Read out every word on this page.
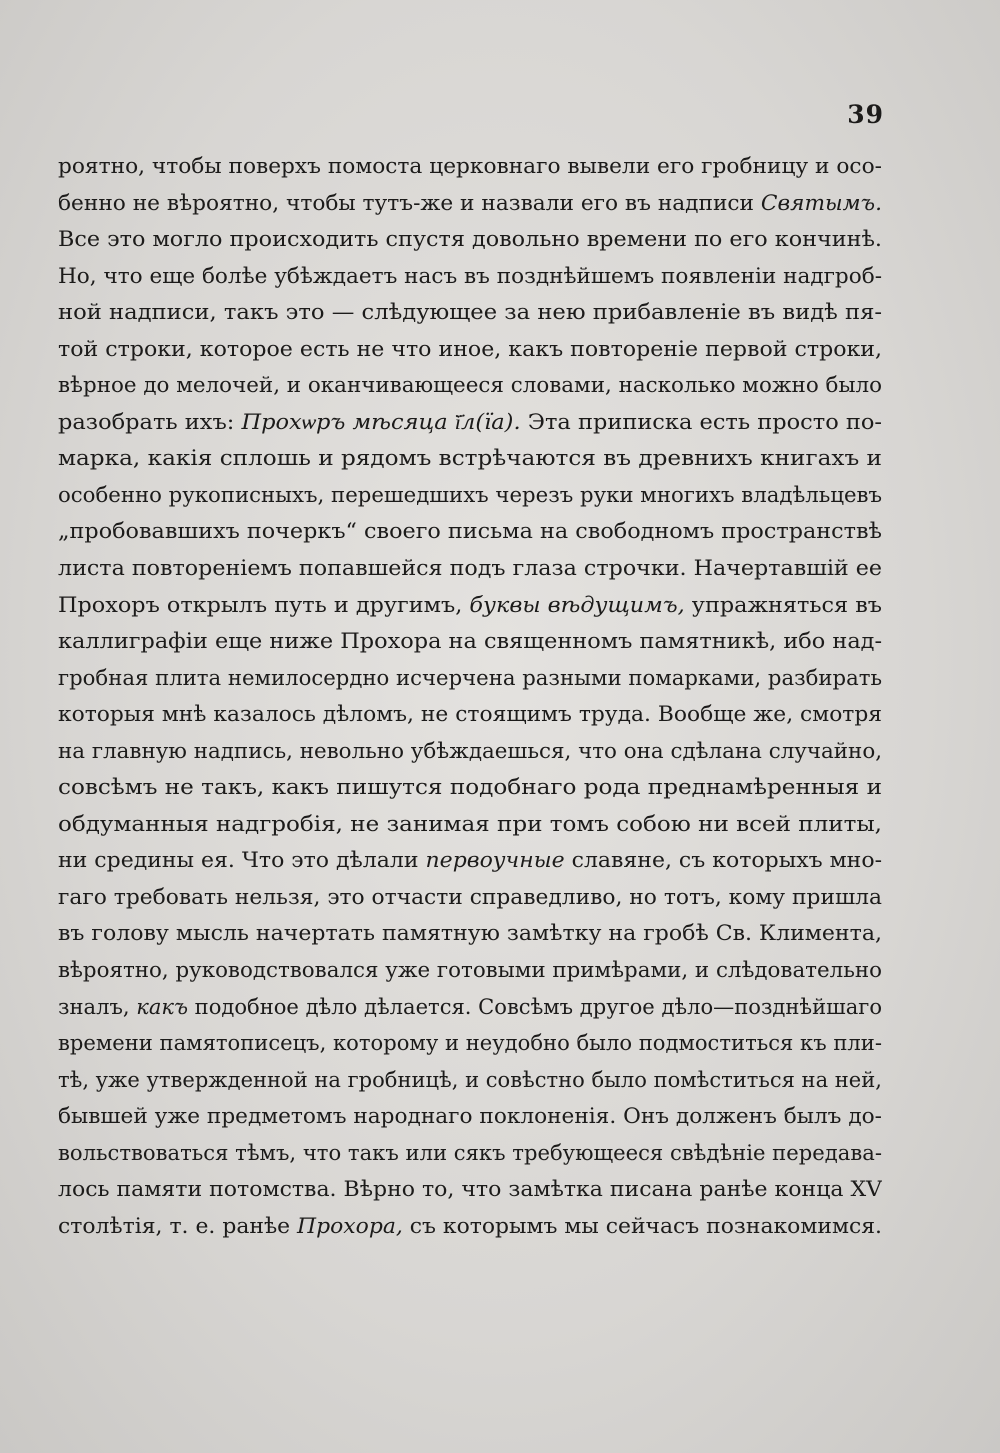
39
роятно, чтобы поверхъ помоста церковнаго вывели его гробницу и осо-
бенно не вѣроятно, чтобы тутъ-же и назвали его въ надписи Святымъ.
Все это могло происходить спустя довольно времени по его кончинѣ.
Но, что еще болѣе убѣждаетъ насъ въ позднѣйшемъ появленіи надгроб-
ной надписи, такъ это — слѣдующее за нею прибавленіе въ видѣ пя-
той строки, которое есть не что иное, какъ повтореніе первой строки,
вѣрное до мелочей, и оканчивающееся словами, насколько можно было
разобрать ихъ: Прохѡръ мѣсяца ї҃л(їа). Эта приписка есть просто по-
марка, какія сплошь и рядомъ встрѣчаются въ древнихъ книгахъ и
особенно рукописныхъ, перешедшихъ черезъ руки многихъ владѣльцевъ
„пробовавшихъ почеркъ“ своего письма на свободномъ пространствѣ
листа повтореніемъ попавшейся подъ глаза строчки. Начертавшій ее
Прохоръ открылъ путь и другимъ, буквы вѣдущимъ, упражняться въ
каллиграфіи еще ниже Прохора на священномъ памятникѣ, ибо над-
гробная плита немилосердно исчерчена разными помарками, разбирать
которыя мнѣ казалось дѣломъ, не стоящимъ труда. Вообще же, смотря
на главную надпись, невольно убѣждаешься, что она сдѣлана случайно,
совсѣмъ не такъ, какъ пишутся подобнаго рода преднамѣренныя и
обдуманныя надгробія, не занимая при томъ собою ни всей плиты,
ни средины ея. Что это дѣлали первоучные славяне, съ которыхъ мно-
гаго требовать нельзя, это отчасти справедливо, но тотъ, кому пришла
въ голову мысль начертать памятную замѣтку на гробѣ Св. Климента,
вѣроятно, руководствовался уже готовыми примѣрами, и слѣдовательно
зналъ, какъ подобное дѣло дѣлается. Совсѣмъ другое дѣло—позднѣйшаго
времени памятописецъ, которому и неудобно было подмоститься къ пли-
тѣ, уже утвержденной на гробницѣ, и совѣстно было помѣститься на ней,
бывшей уже предметомъ народнаго поклоненія. Онъ долженъ былъ до-
вольствоваться тѣмъ, что такъ или сякъ требующееся свѣдѣніе передава-
лось памяти потомства. Вѣрно то, что замѣтка писана ранѣе конца XV
столѣтія, т. е. ранѣе Прохора, съ которымъ мы сейчасъ познакомимся.
